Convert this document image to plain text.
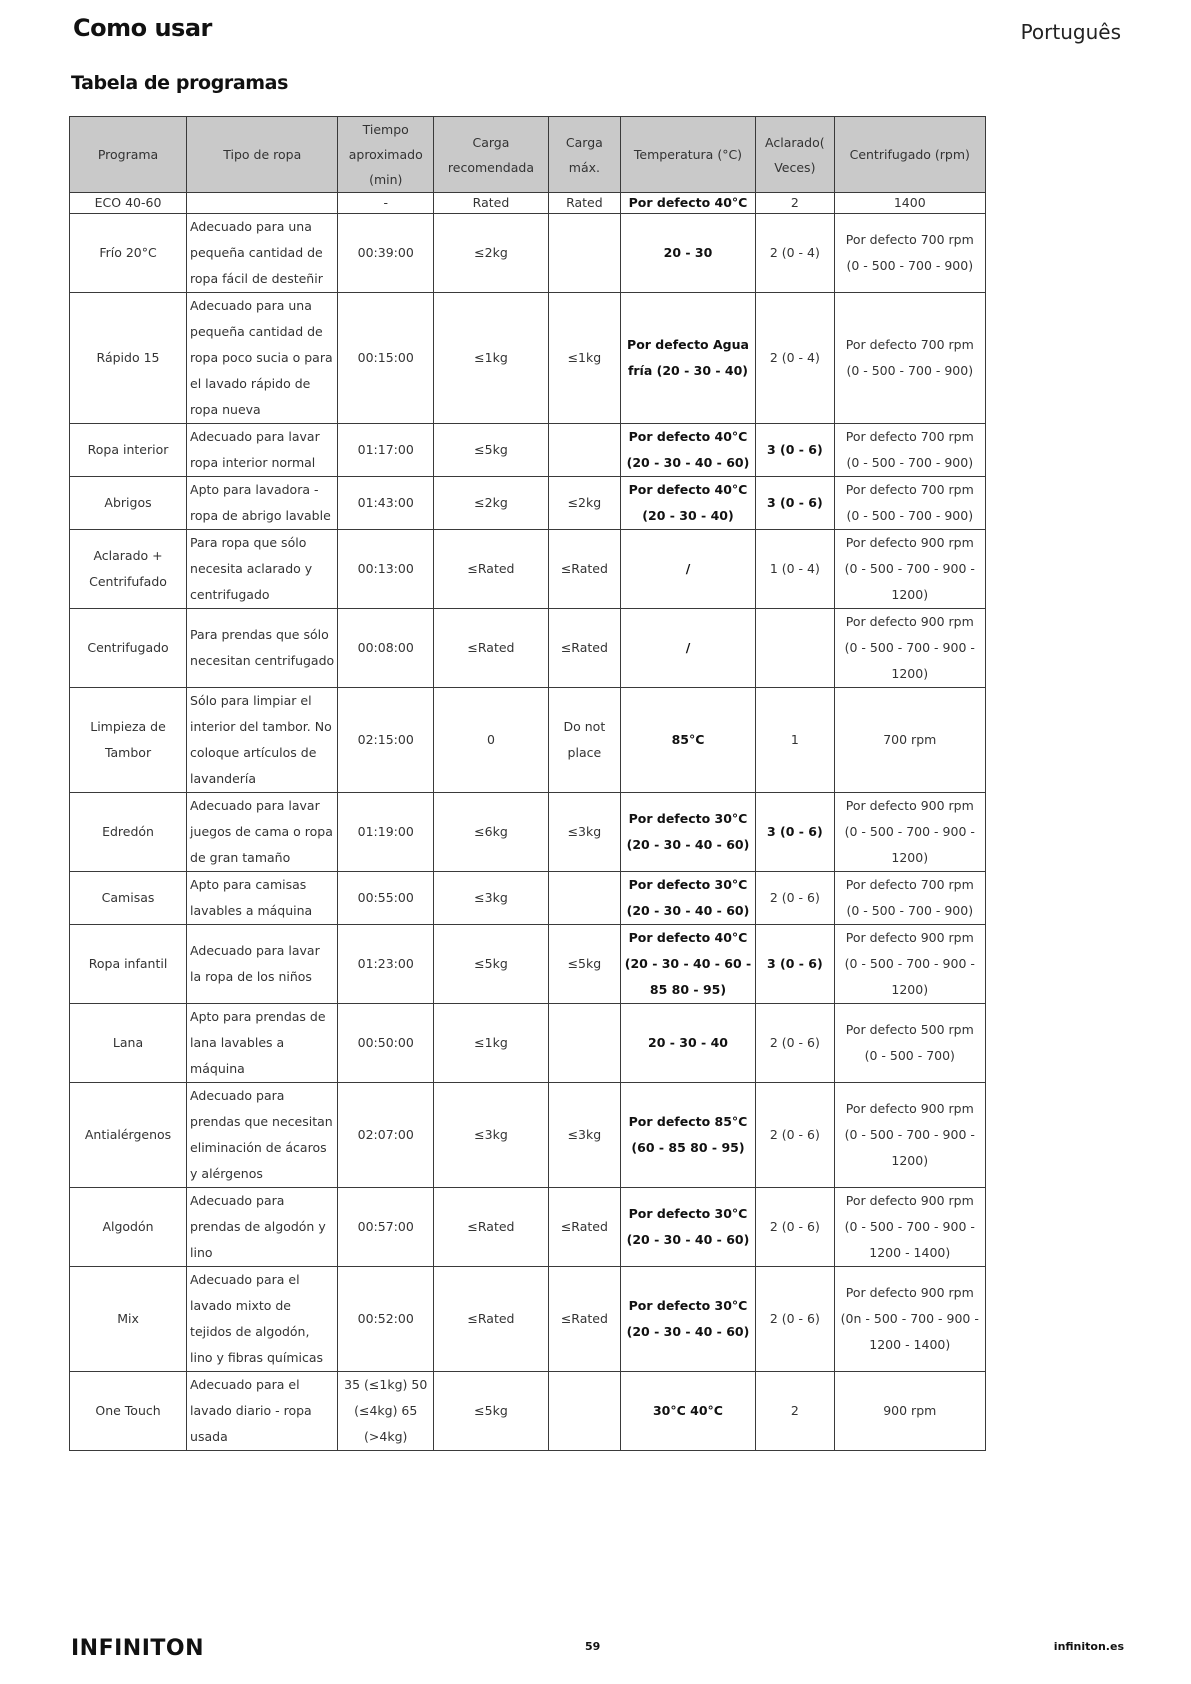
Como usar	Português
Tabela de programas
Programa	Tipo de ropa	Tiempo aproximado (min)	Carga recomendada	Carga máx.	Temperatura (°C)	Aclarado( Veces)	Centrifugado (rpm)
ECO 40-60		-	Rated	Rated	Por defecto 40°C	2	1400
Frío 20°C	Adecuado para una pequeña cantidad de ropa fácil de desteñir	00:39:00	≤2kg		20 - 30	2 (0 - 4)	Por defecto 700 rpm (0 - 500 - 700 - 900)
Rápido 15	Adecuado para una pequeña cantidad de ropa poco sucia o para el lavado rápido de ropa nueva	00:15:00	≤1kg	≤1kg	Por defecto Agua fría (20 - 30 - 40)	2 (0 - 4)	Por defecto 700 rpm (0 - 500 - 700 - 900)
Ropa interior	Adecuado para lavar ropa interior normal	01:17:00	≤5kg		Por defecto 40°C (20 - 30 - 40 - 60)	3 (0 - 6)	Por defecto 700 rpm (0 - 500 - 700 - 900)
Abrigos	Apto para lavadora - ropa de abrigo lavable	01:43:00	≤2kg	≤2kg	Por defecto 40°C (20 - 30 - 40)	3 (0 - 6)	Por defecto 700 rpm (0 - 500 - 700 - 900)
Aclarado + Centrifufado	Para ropa que sólo necesita aclarado y centrifugado	00:13:00	≤Rated	≤Rated	/	1 (0 - 4)	Por defecto 900 rpm (0 - 500 - 700 - 900 - 1200)
Centrifugado	Para prendas que sólo necesitan centrifugado	00:08:00	≤Rated	≤Rated	/		Por defecto 900 rpm (0 - 500 - 700 - 900 - 1200)
Limpieza de Tambor	Sólo para limpiar el interior del tambor. No coloque artículos de lavandería	02:15:00	0	Do not place	85°C	1	700 rpm
Edredón	Adecuado para lavar juegos de cama o ropa de gran tamaño	01:19:00	≤6kg	≤3kg	Por defecto 30°C (20 - 30 - 40 - 60)	3 (0 - 6)	Por defecto 900 rpm (0 - 500 - 700 - 900 - 1200)
Camisas	Apto para camisas lavables a máquina	00:55:00	≤3kg		Por defecto 30°C (20 - 30 - 40 - 60)	2 (0 - 6)	Por defecto 700 rpm (0 - 500 - 700 - 900)
Ropa infantil	Adecuado para lavar la ropa de los niños	01:23:00	≤5kg	≤5kg	Por defecto 40°C (20 - 30 - 40 - 60 - 85 80 - 95)	3 (0 - 6)	Por defecto 900 rpm (0 - 500 - 700 - 900 - 1200)
Lana	Apto para prendas de lana lavables a máquina	00:50:00	≤1kg		20 - 30 - 40	2 (0 - 6)	Por defecto 500 rpm (0 - 500 - 700)
Antialérgenos	Adecuado para prendas que necesitan eliminación de ácaros y alérgenos	02:07:00	≤3kg	≤3kg	Por defecto 85°C (60 - 85 80 - 95)	2 (0 - 6)	Por defecto 900 rpm (0 - 500 - 700 - 900 - 1200)
Algodón	Adecuado para prendas de algodón y lino	00:57:00	≤Rated	≤Rated	Por defecto 30°C (20 - 30 - 40 - 60)	2 (0 - 6)	Por defecto 900 rpm (0 - 500 - 700 - 900 - 1200 - 1400)
Mix	Adecuado para el lavado mixto de tejidos de algodón, lino y fibras químicas	00:52:00	≤Rated	≤Rated	Por defecto 30°C (20 - 30 - 40 - 60)	2 (0 - 6)	Por defecto 900 rpm (0n - 500 - 700 - 900 - 1200 - 1400)
One Touch	Adecuado para el lavado diario - ropa usada	35 (≤1kg) 50 (≤4kg) 65 (>4kg)	≤5kg		30°C 40°C	2	900 rpm
INFINITON	59	infiniton.es
